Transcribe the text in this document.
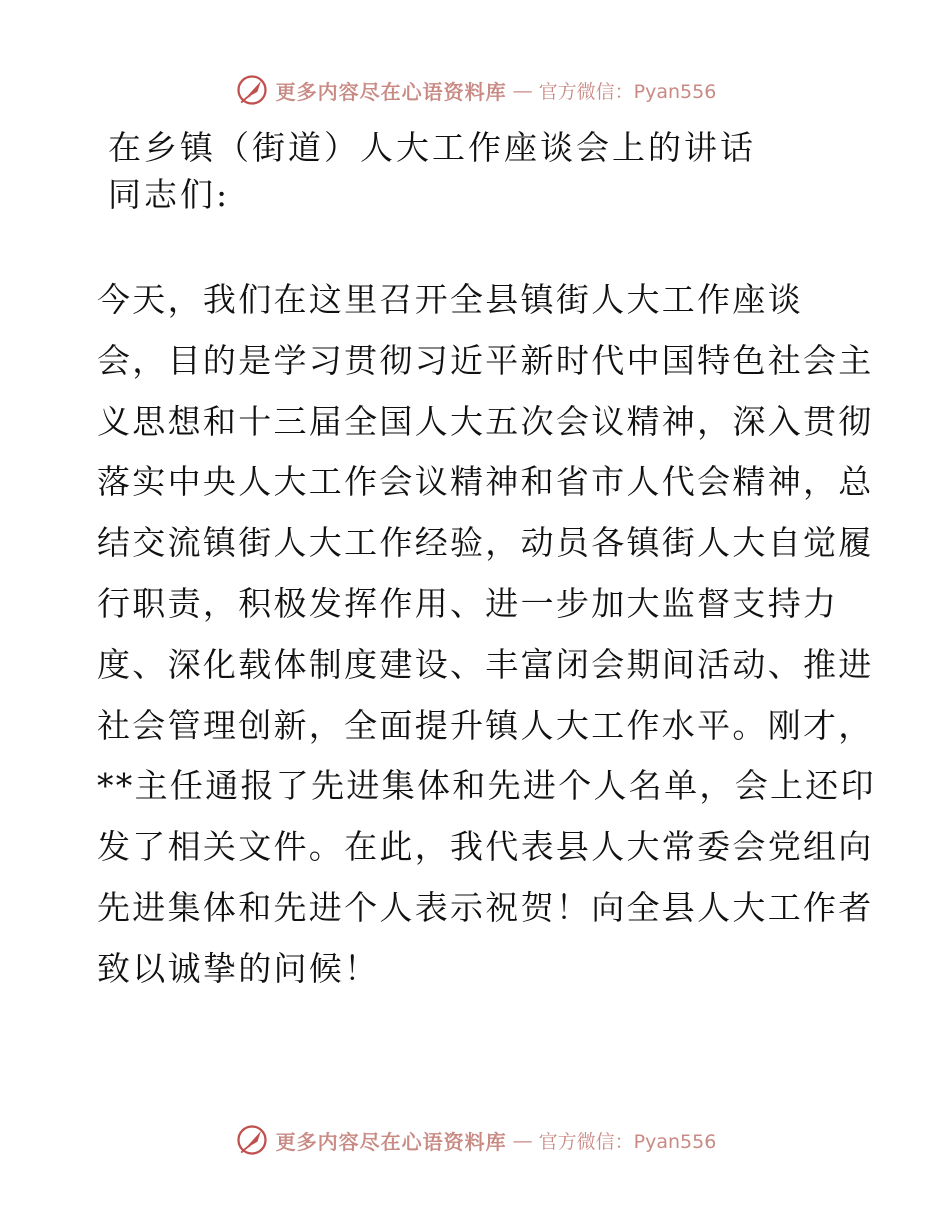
更多内容尽在心语资料库 — 官方微信：Pyan556
在乡镇（街道）人大工作座谈会上的讲话
同志们:
今天，我们在这里召开全县镇街人大工作座谈
会，目的是学习贯彻习近平新时代中国特色社会主
义思想和十三届全国人大五次会议精神，深入贯彻
落实中央人大工作会议精神和省市人代会精神，总
结交流镇街人大工作经验，动员各镇街人大自觉履
行职责，积极发挥作用、进一步加大监督支持力
度、深化载体制度建设、丰富闭会期间活动、推进
社会管理创新，全面提升镇人大工作水平。刚才，
**主任通报了先进集体和先进个人名单，会上还印
发了相关文件。在此，我代表县人大常委会党组向
先进集体和先进个人表示祝贺！向全县人大工作者
致以诚挚的问候！
更多内容尽在心语资料库 — 官方微信：Pyan556
